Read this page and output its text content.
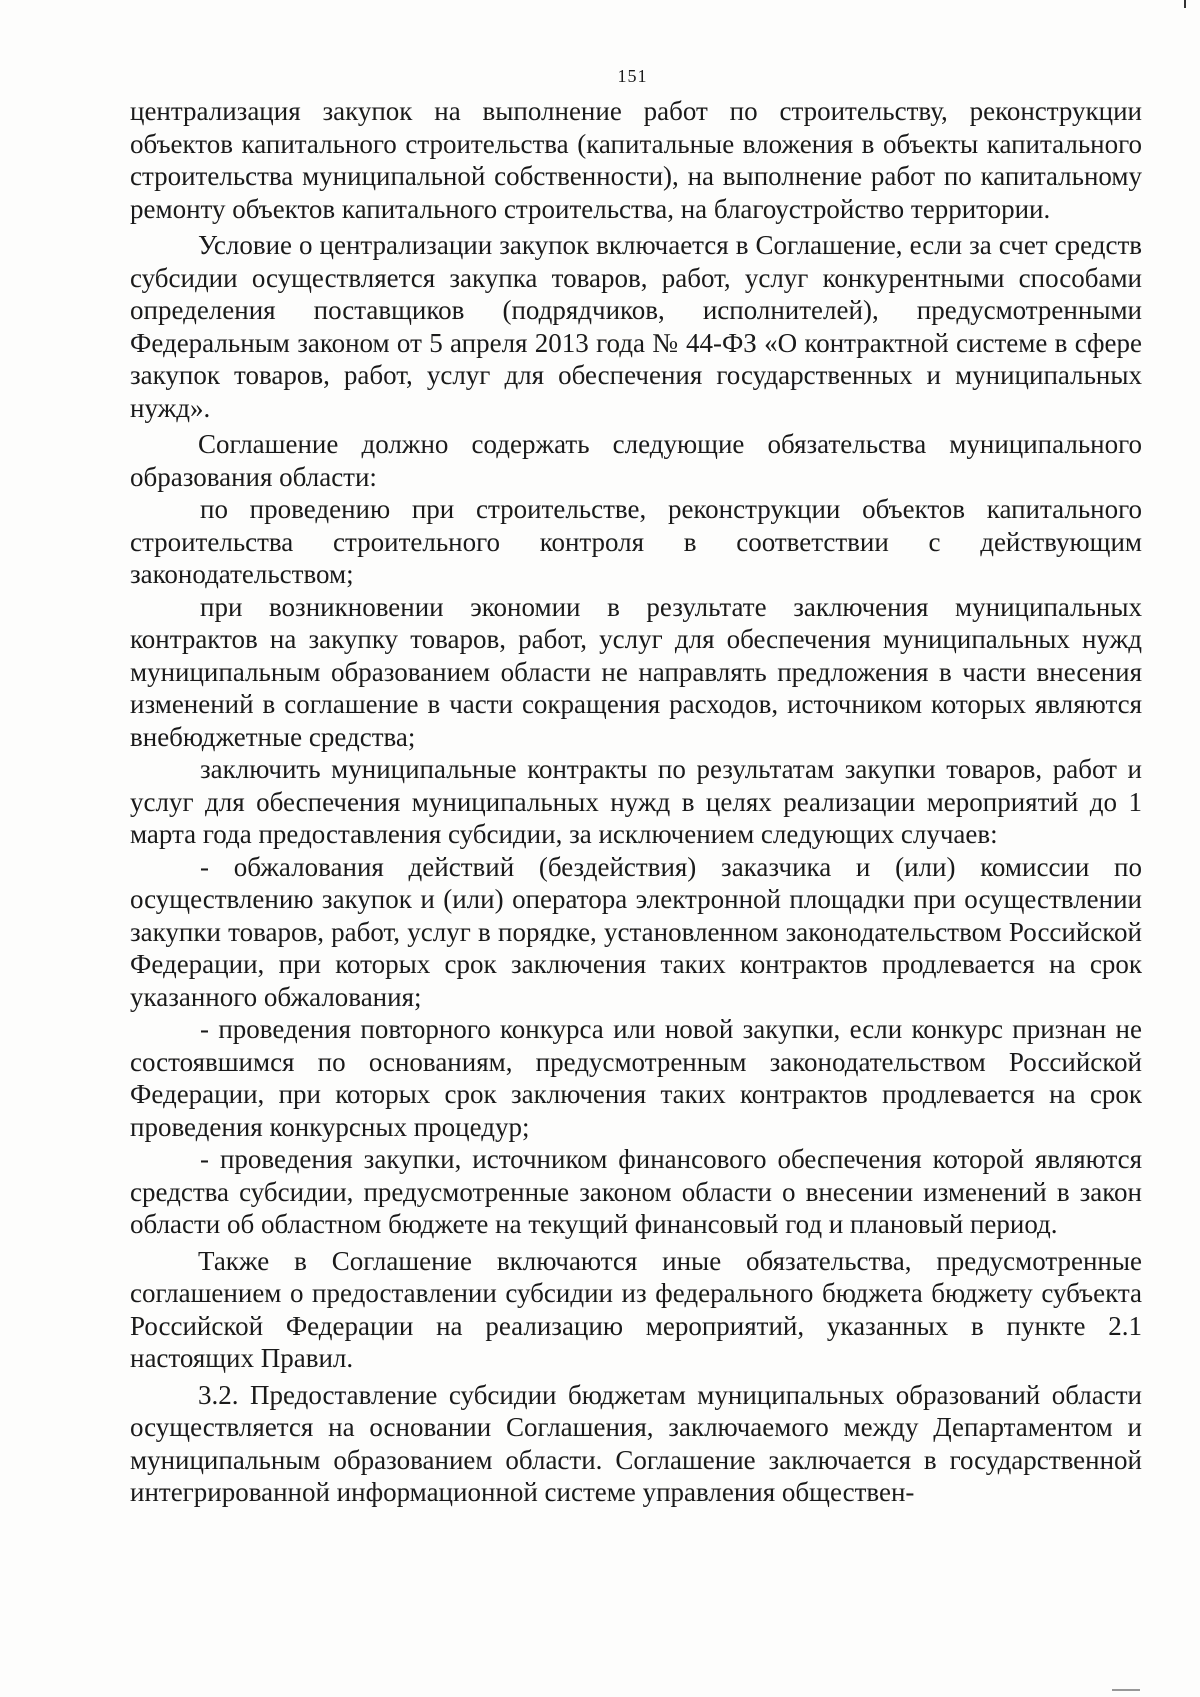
151

централизация закупок на выполнение работ по строительству, реконструкции объектов капитального строительства (капитальные вложения в объекты капитального строительства муниципальной собственности), на выполнение работ по капитальному ремонту объектов капитального строительства, на благоустройство территории.

Условие о централизации закупок включается в Соглашение, если за счет средств субсидии осуществляется закупка товаров, работ, услуг конкурентными способами определения поставщиков (подрядчиков, исполнителей), предусмотренными Федеральным законом от 5 апреля 2013 года № 44-ФЗ «О контрактной системе в сфере закупок товаров, работ, услуг для обеспечения государственных и муниципальных нужд».

Соглашение должно содержать следующие обязательства муниципального образования области:

по проведению при строительстве, реконструкции объектов капитального строительства строительного контроля в соответствии с действующим законодательством;

при возникновении экономии в результате заключения муниципальных контрактов на закупку товаров, работ, услуг для обеспечения муниципальных нужд муниципальным образованием области не направлять предложения в части внесения изменений в соглашение в части сокращения расходов, источником которых являются внебюджетные средства;

заключить муниципальные контракты по результатам закупки товаров, работ и услуг для обеспечения муниципальных нужд в целях реализации мероприятий до 1 марта года предоставления субсидии, за исключением следующих случаев:

- обжалования действий (бездействия) заказчика и (или) комиссии по осуществлению закупок и (или) оператора электронной площадки при осуществлении закупки товаров, работ, услуг в порядке, установленном законодательством Российской Федерации, при которых срок заключения таких контрактов продлевается на срок указанного обжалования;

- проведения повторного конкурса или новой закупки, если конкурс признан не состоявшимся по основаниям, предусмотренным законодательством Российской Федерации, при которых срок заключения таких контрактов продлевается на срок проведения конкурсных процедур;

- проведения закупки, источником финансового обеспечения которой являются средства субсидии, предусмотренные законом области о внесении изменений в закон области об областном бюджете на текущий финансовый год и плановый период.

Также в Соглашение включаются иные обязательства, предусмотренные соглашением о предоставлении субсидии из федерального бюджета бюджету субъекта Российской Федерации на реализацию мероприятий, указанных в пункте 2.1 настоящих Правил.

3.2. Предоставление субсидии бюджетам муниципальных образований области осуществляется на основании Соглашения, заключаемого между Департаментом и муниципальным образованием области. Соглашение заключается в государственной интегрированной информационной системе управления обществен-
